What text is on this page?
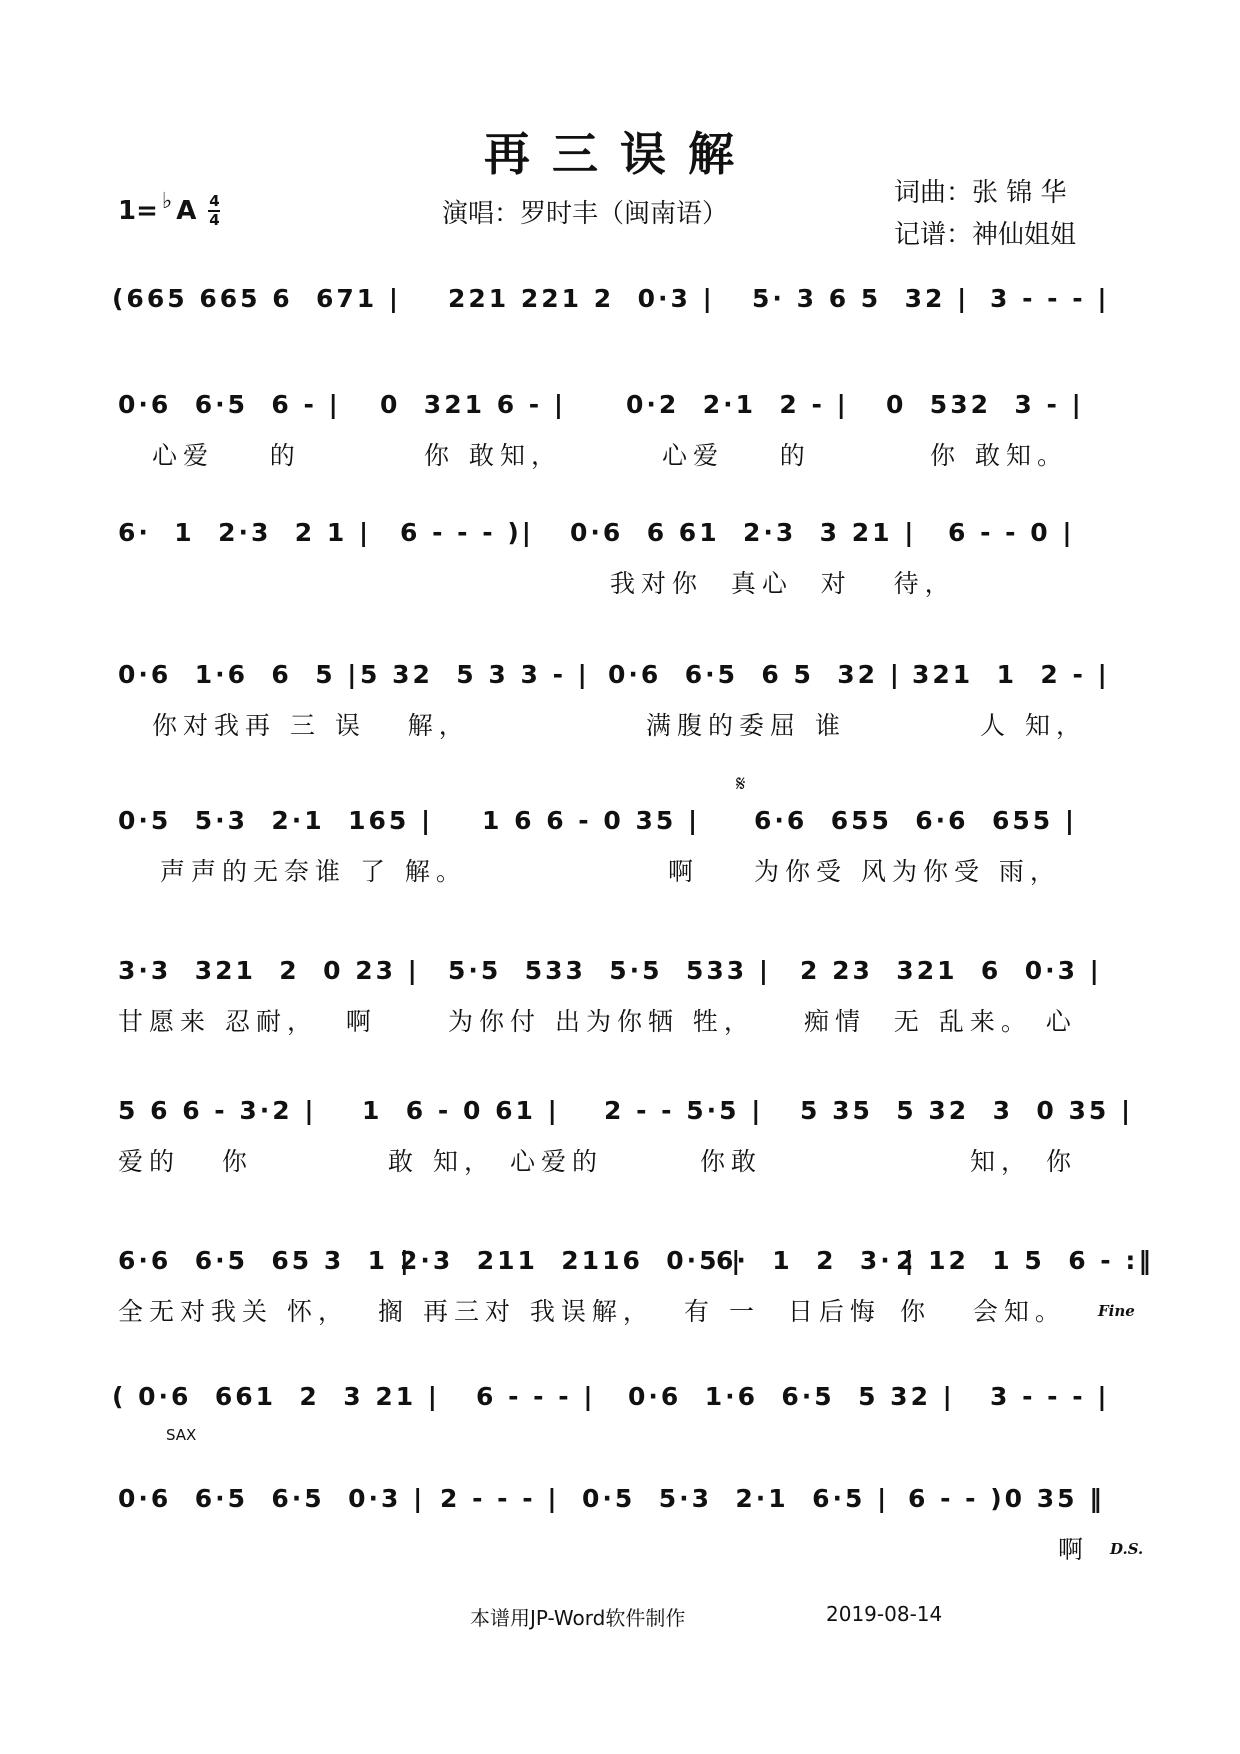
再三误解
1= ♭ A 4
4	演唱：罗时丰（闽南语）
词曲：张 锦 华
记谱：神仙姐姐
(665 665 6  671 | 221 221 2  0·3 | 5· 3 6 5  32 | 3 - - - |
0·6  6·5  6 - | 0  321 6 - | 0·2  2·1  2 - | 0  532  3 - |
心爱    的	你 敢知，	心爱    的	你 敢知。
6·  1  2·3  2 1 | 6 - - - )| 0·6  6 61  2·3  3 21 | 6 - - 0 |
我对你  真心  对   待，
0·6  1·6  6  5 | 5 32  5 3 3 - | 0·6  6·5  6 5  32 | 321  1  2 - |
你对我再 三 误   解，	满腹的委屈 谁	人 知，
𝄋
0·5  5·3  2·1  165 | 1 6 6 - 0 35 | 6·6  655  6·6  655 |
声声的无奈谁 了 解。	啊 为你受 风为你受 雨，
3·3  321  2  0 23 | 5·5  533  5·5  533 | 2 23  321  6  0·3 |
甘愿来 忍耐，  啊	为你付 出为你牺 牲， 痴情  无 乱来。 心
5 6 6 - 3·2 | 1  6 - 0 61 | 2 - - 5·5 | 5 35  5 32  3  0 35 |
爱的   你	敢 知， 心爱的	你敢	知， 你
6·6  6·5  65 3  1 |
2·3  211  2116  0·5 |
6·  1  2  3· |
2 12  1 5  6 - :‖
全无对我关 怀， 搁 再三对 我误解， 有 一  日后悔 你   会知。 Fine
( 0·6  661  2  3 21 | 6 - - - | 0·6  1·6  6·5  5 32 | 3 - - - |
SAX
0·6  6·5  6·5  0·3 | 2 - - - | 0·5  5·3  2·1  6·5 | 6 - - )0 35 ‖
啊 D.S.
本谱用JP-Word软件制作	2019-08-14
